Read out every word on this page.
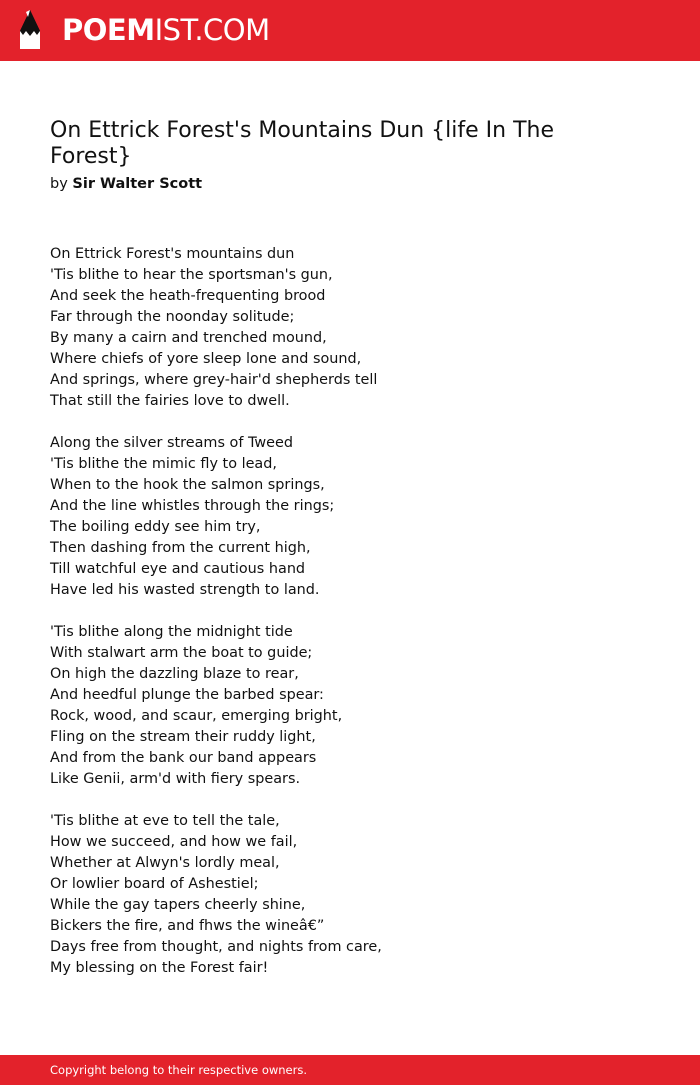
POEMIST.COM
On Ettrick Forest's Mountains Dun {life In The Forest}
by Sir Walter Scott
On Ettrick Forest's mountains dun
'Tis blithe to hear the sportsman's gun,
And seek the heath-frequenting brood
Far through the noonday solitude;
By many a cairn and trenched mound,
Where chiefs of yore sleep lone and sound,
And springs, where grey-hair'd shepherds tell
That still the fairies love to dwell.
Along the silver streams of Tweed
'Tis blithe the mimic fly to lead,
When to the hook the salmon springs,
And the line whistles through the rings;
The boiling eddy see him try,
Then dashing from the current high,
Till watchful eye and cautious hand
Have led his wasted strength to land.
'Tis blithe along the midnight tide
With stalwart arm the boat to guide;
On high the dazzling blaze to rear,
And heedful plunge the barbed spear:
Rock, wood, and scaur, emerging bright,
Fling on the stream their ruddy light,
And from the bank our band appears
Like Genii, arm'd with fiery spears.
'Tis blithe at eve to tell the tale,
How we succeed, and how we fail,
Whether at Alwyn's lordly meal,
Or lowlier board of Ashestiel;
While the gay tapers cheerly shine,
Bickers the fire, and fhws the wineâ€”
Days free from thought, and nights from care,
My blessing on the Forest fair!
Copyright belong to their respective owners.
